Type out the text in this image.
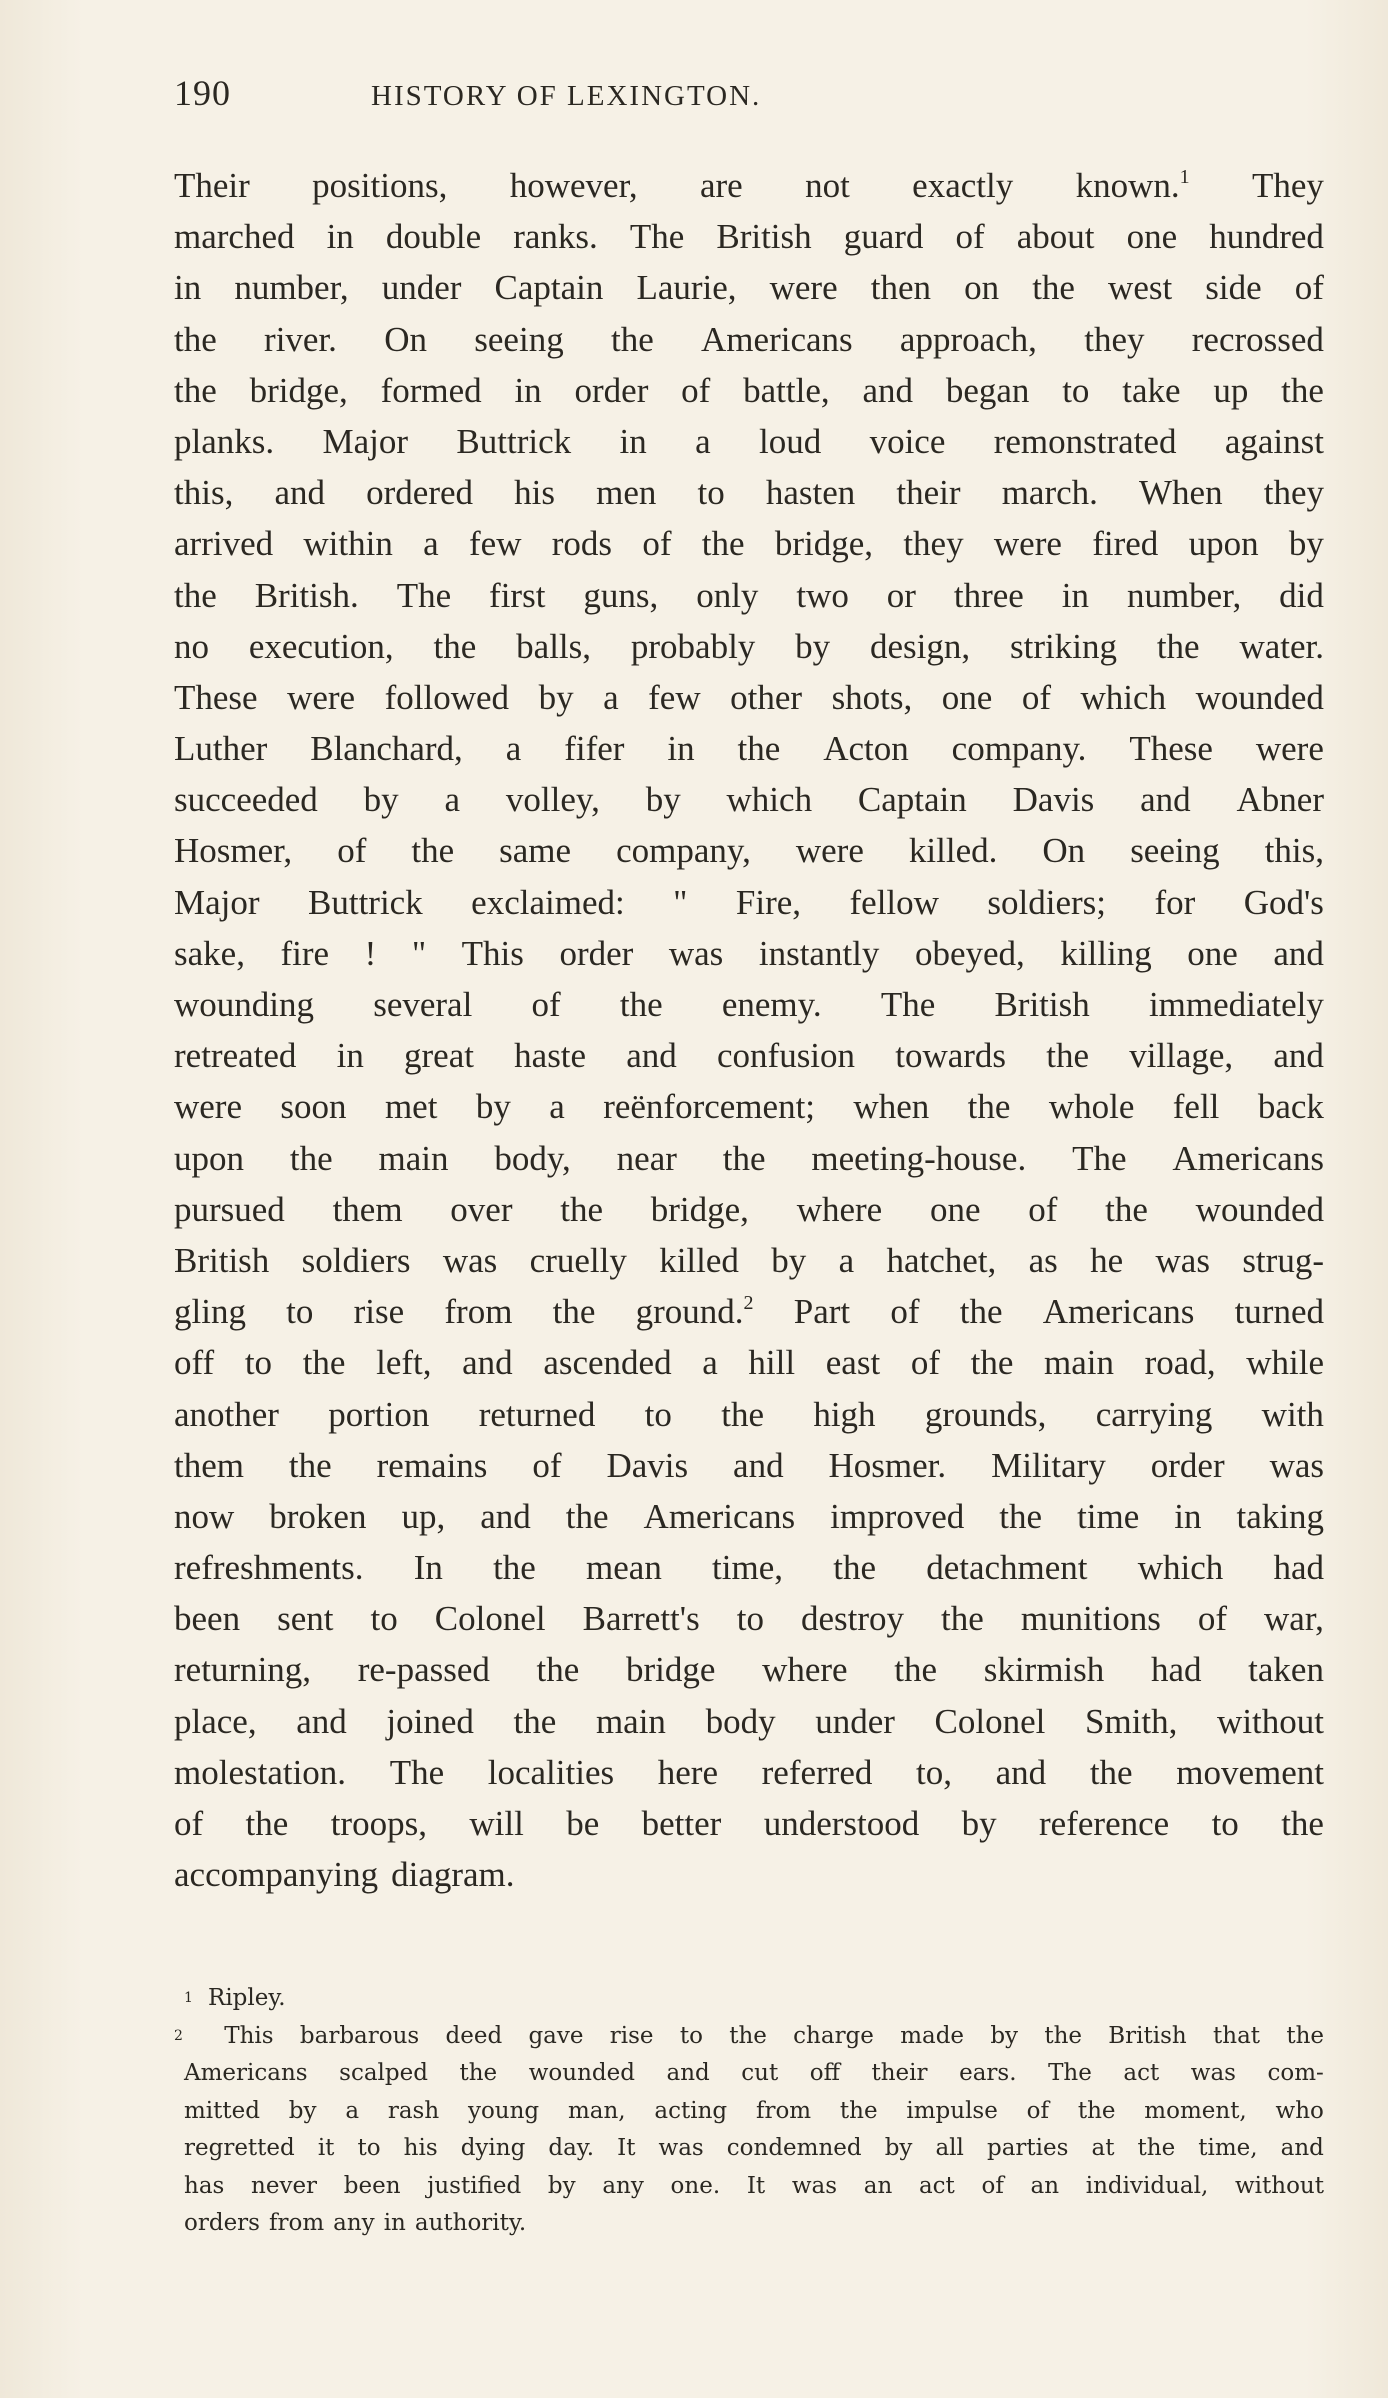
190	HISTORY OF LEXINGTON.
Their positions, however, are not exactly known.$^1$ They
marched in double ranks. The British guard of about one hundred
in number, under Captain Laurie, were then on the west side of
the river. On seeing the Americans approach, they recrossed
the bridge, formed in order of battle, and began to take up the
planks. Major Buttrick in a loud voice remonstrated against
this, and ordered his men to hasten their march. When they
arrived within a few rods of the bridge, they were fired upon by
the British. The first guns, only two or three in number, did
no execution, the balls, probably by design, striking the water.
These were followed by a few other shots, one of which wounded
Luther Blanchard, a fifer in the Acton company. These were
succeeded by a volley, by which Captain Davis and Abner
Hosmer, of the same company, were killed. On seeing this,
Major Buttrick exclaimed: " Fire, fellow soldiers; for God's
sake, fire ! " This order was instantly obeyed, killing one and
wounding several of the enemy. The British immediately
retreated in great haste and confusion towards the village, and
were soon met by a reënforcement; when the whole fell back
upon the main body, near the meeting-house. The Americans
pursued them over the bridge, where one of the wounded
British soldiers was cruelly killed by a hatchet, as he was strug-
gling to rise from the ground.$^2$ Part of the Americans turned
off to the left, and ascended a hill east of the main road, while
another portion returned to the high grounds, carrying with
them the remains of Davis and Hosmer. Military order was
now broken up, and the Americans improved the time in taking
refreshments. In the mean time, the detachment which had
been sent to Colonel Barrett's to destroy the munitions of war,
returning, re-passed the bridge where the skirmish had taken
place, and joined the main body under Colonel Smith, without
molestation. The localities here referred to, and the movement
of the troops, will be better understood by reference to the
accompanying diagram.
1 Ripley.
2	This barbarous deed gave rise to the charge made by the British that the
Americans scalped the wounded and cut off their ears. The act was com-
mitted by a rash young man, acting from the impulse of the moment, who
regretted it to his dying day. It was condemned by all parties at the time, and
has never been justified by any one. It was an act of an individual, without
orders from any in authority.
